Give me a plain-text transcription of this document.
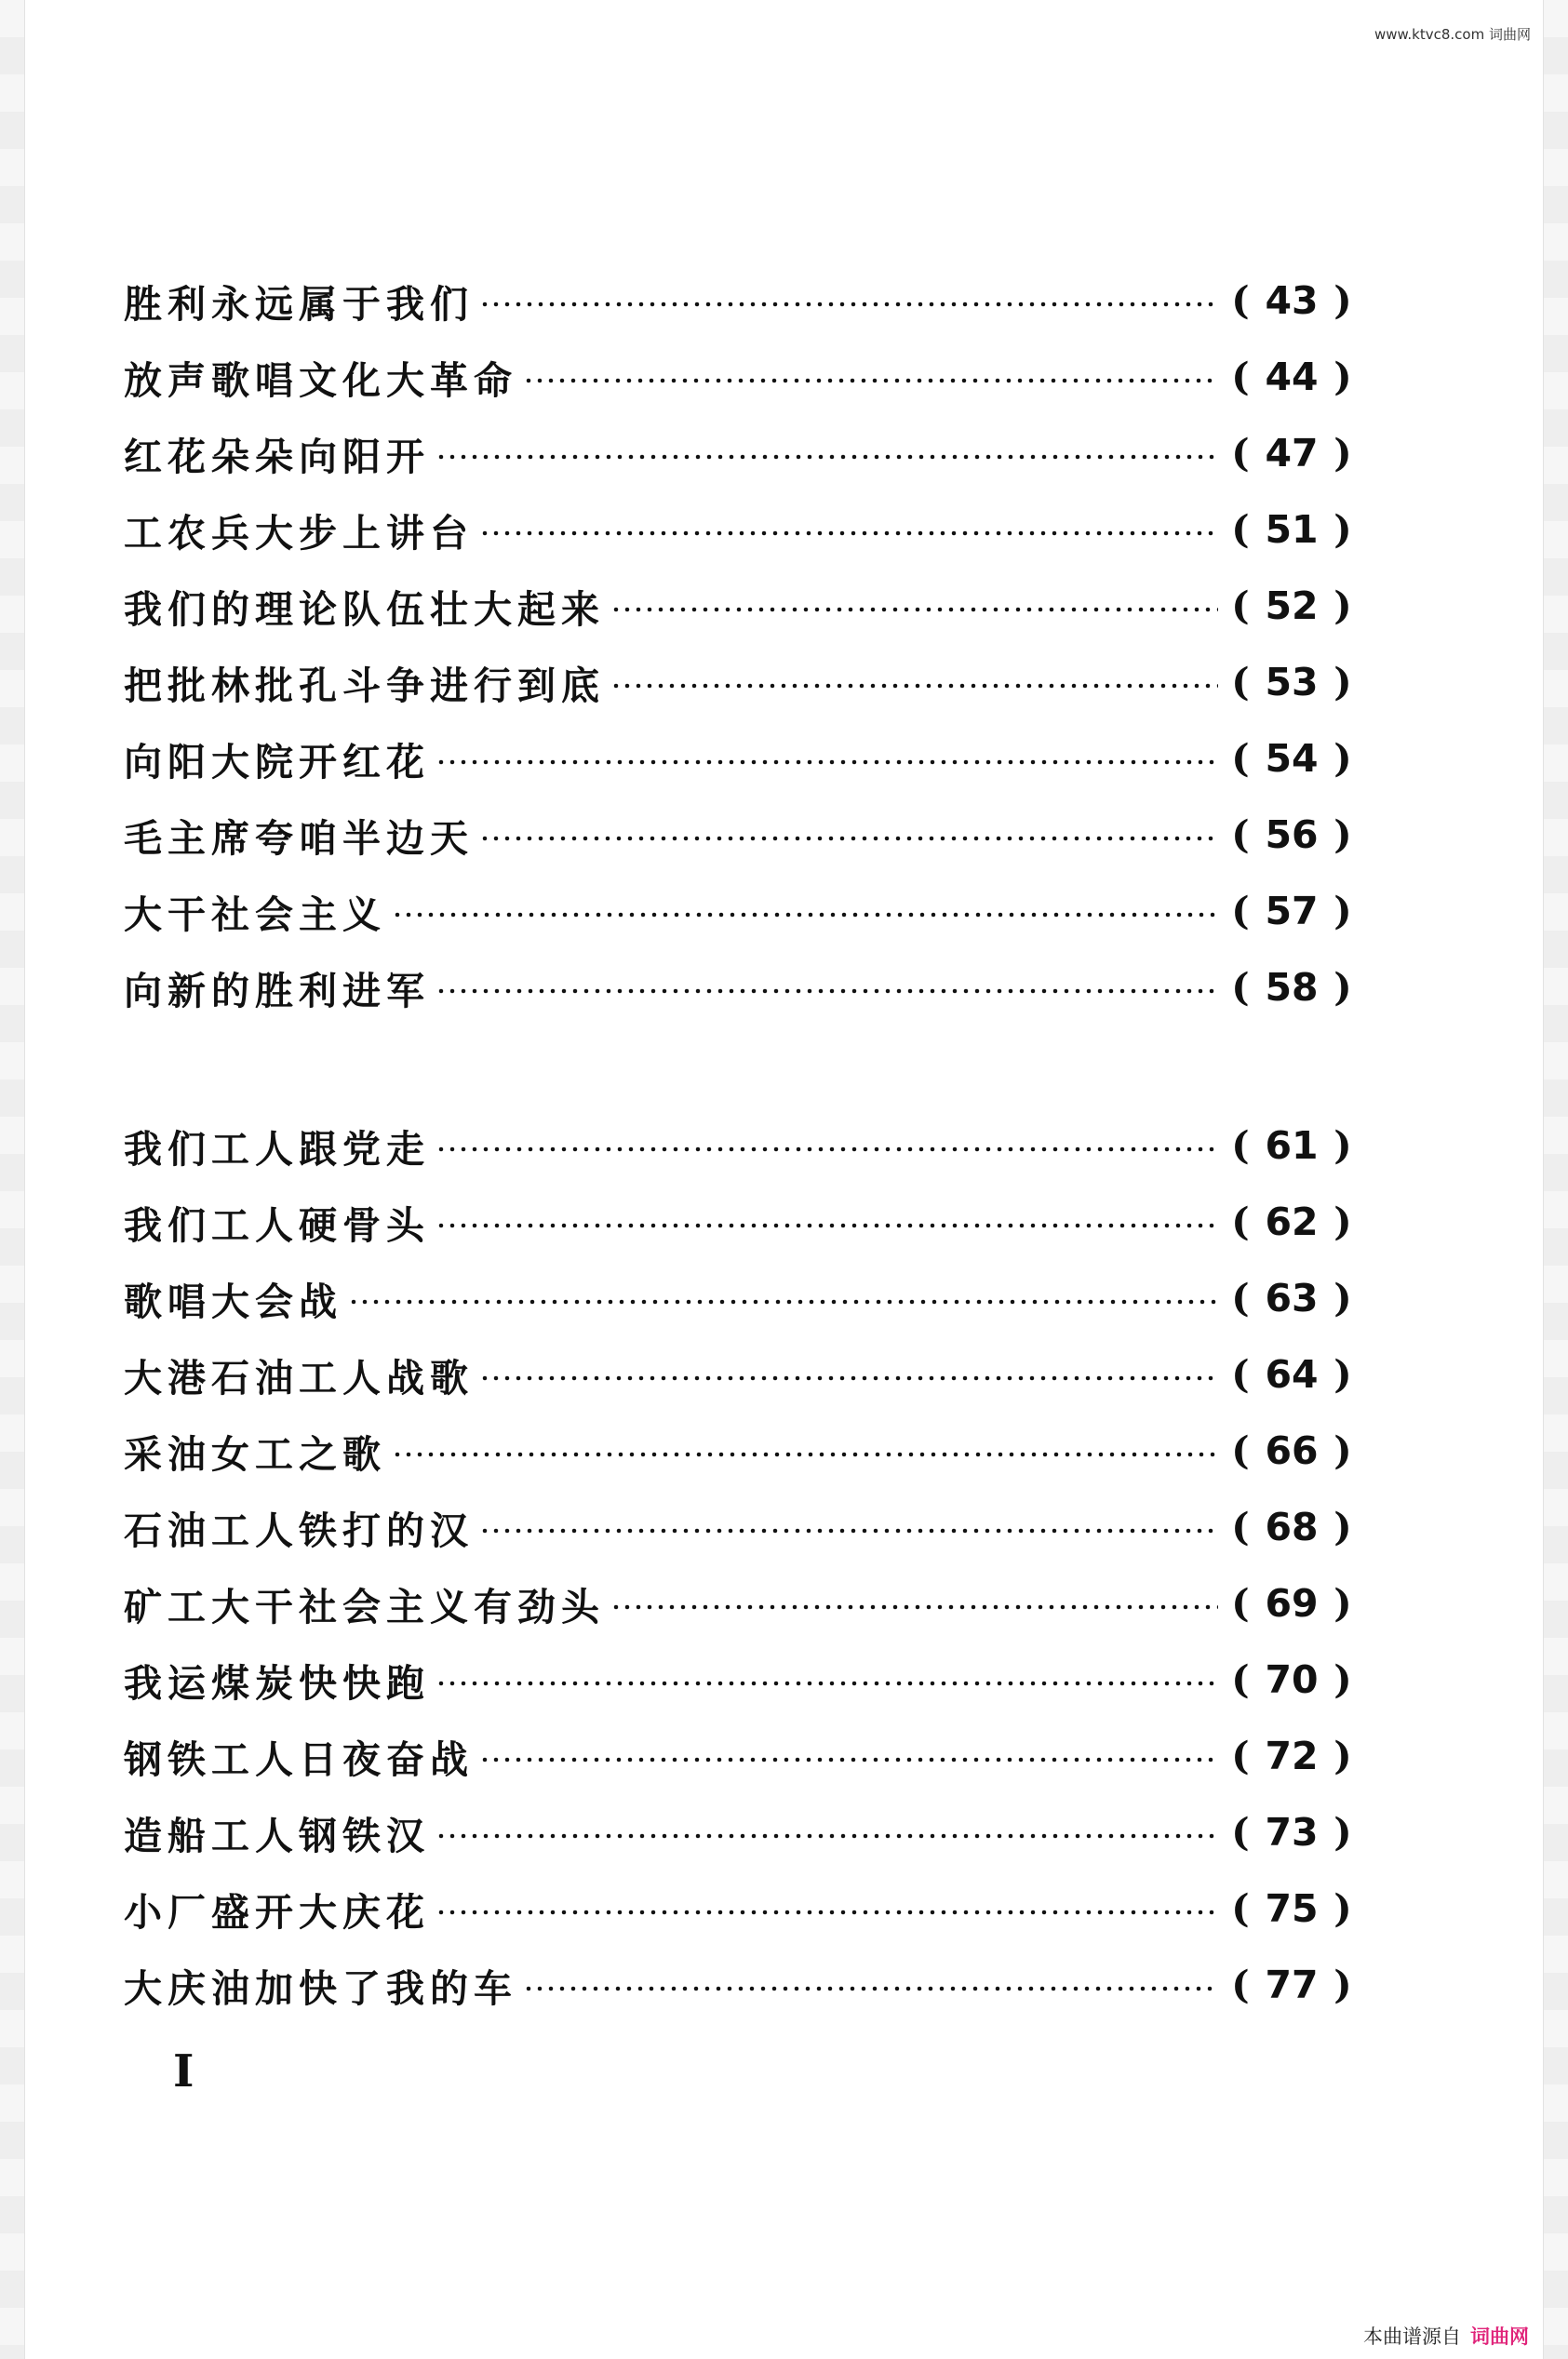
www.ktvc8.com 词曲网
胜利永远属于我们	( 43 )
放声歌唱文化大革命	( 44 )
红花朵朵向阳开	( 47 )
工农兵大步上讲台	( 51 )
我们的理论队伍壮大起来	( 52 )
把批林批孔斗争进行到底	( 53 )
向阳大院开红花	( 54 )
毛主席夸咱半边天	( 56 )
大干社会主义	( 57 )
向新的胜利进军	( 58 )
我们工人跟党走	( 61 )
我们工人硬骨头	( 62 )
歌唱大会战	( 63 )
大港石油工人战歌	( 64 )
采油女工之歌	( 66 )
石油工人铁打的汉	( 68 )
矿工大干社会主义有劲头	( 69 )
我运煤炭快快跑	( 70 )
钢铁工人日夜奋战	( 72 )
造船工人钢铁汉	( 73 )
小厂盛开大庆花	( 75 )
大庆油加快了我的车	( 77 )
I
本曲谱源自 词曲网
